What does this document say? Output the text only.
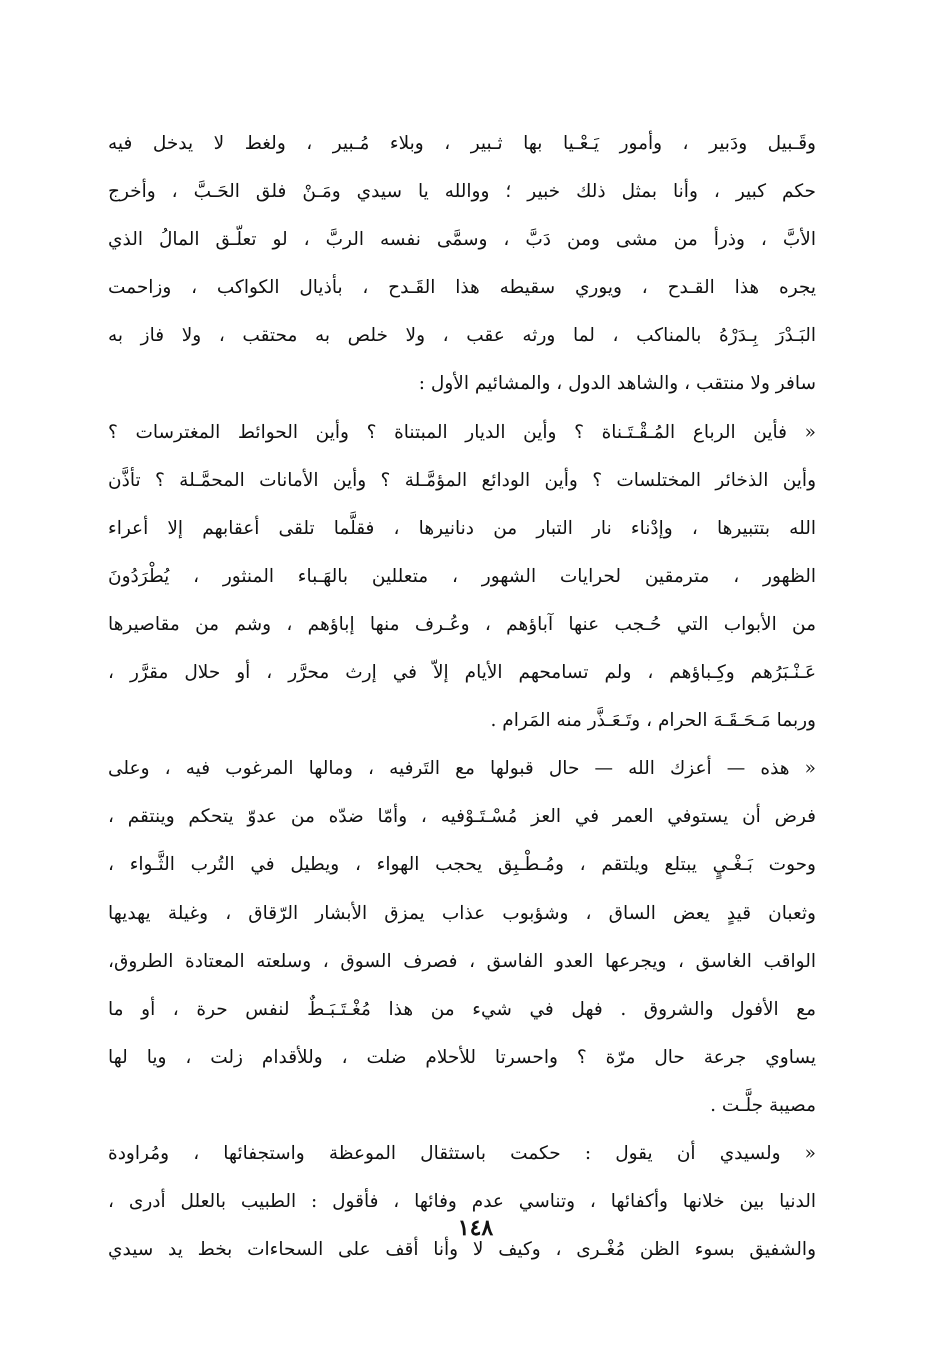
وقَـبيل ودَبير ، وأمور يَـعْـيا بها ثـبير ، وبلاء مُـبير ، ولغط لا يدخل فيه
حكم كبير ، وأنا بمثل ذلك خبير ؛ ووالله يا سيدي ومَـنْ فلق الحَـبَّ ، وأخرج
الأبَّ ، وذرأ من مشى ومن دَبَّ ، وسمَّى نفسه الربَّ ، لو تعلّـق المالُ الذي
يجره هذا القـدح ، ويوري سقيطه هذا القَـدح ، بأذيال الكواكب ، وزاحمت
البَـدْرَ بِـدَرْهُ بالمناكب ، لما ورثه عقب ، ولا خلص به محتقب ، ولا فاز به
سافر ولا منتقب ، والشاهد الدول ، والمشائيم الأول :
« فأين الرباع المُـقْـتَـناة ؟ وأين الديار المبتناة ؟ وأين الحوائط المغترسات ؟
وأين الذخائر المختلسات ؟ وأين الودائع المؤمَّـلة ؟ وأين الأمانات المحمَّـلة ؟ تأذَّن
الله بتتبيرها ، وإدْناء نار التبار من دنانيرها ، فقلَّما تلقى أعقابهم إلا أعراء
الظهور ، مترمقين لحرايات الشهور ، متعللين بالهَـباء المنثور ، يُطْرَدُونَ
من الأبواب التي حُـجب عنها آباؤهم ، وعُـرف منها إباؤهم ، وشم من مقاصيرها
عَـنْـبَرُهم وكِـباؤهم ، ولم تسامحهم الأيام إلاّ في إرث محرَّر ، أو حلال مقرَّر ،
وربما مَـحَـقَـهَ الحرام ، وتَـعَـذَّر منه المَرام .
« هذه — أعزك الله — حال قبولها مع التَرفيه ، ومالها المرغوب فيه ، وعلى
فرض أن يستوفي العمر في العز مُسْـتَـوْفيه ، وأمّا ضدّه من عدوّ يتحكم وينتقم ،
وحوت بَـغْـيٍ يبتلع ويلتقم ، ومُـطْـبِق يحجب الهواء ، ويطيل في التُرب الثَّـواء ،
وثعبان قيدٍ يعض الساق ، وشؤبوب عذاب يمزق الأبشار الرّقاق ، وغيلة يهديها
الواقب الغاسق ، ويجرعها العدو الفاسق ، فصرف السوق ، وسلعته المعتادة الطروق،
مع الأفول والشروق . فهل في شيء من هذا مُغْـتَـبَـطٌ لنفس حرة ، أو ما
يساوي جرعة حال مرّة ؟ واحسرتا للأحلام ضلت ، وللأقدام زلت ، ويا لها
مصيبة جلَّـت .
« ولسيدي أن يقول : حكمت باستثقال الموعظة واستجفائها ، ومُراودة
الدنيا بين خلانها وأكفائها ، وتناسي عدم وفائها ، فأقول : الطبيب بالعلل أدرى ،
والشفيق بسوء الظن مُغْـرى ، وكيف لا وأنا أقف على السحاءات بخط يد سيدي
١٤٨
